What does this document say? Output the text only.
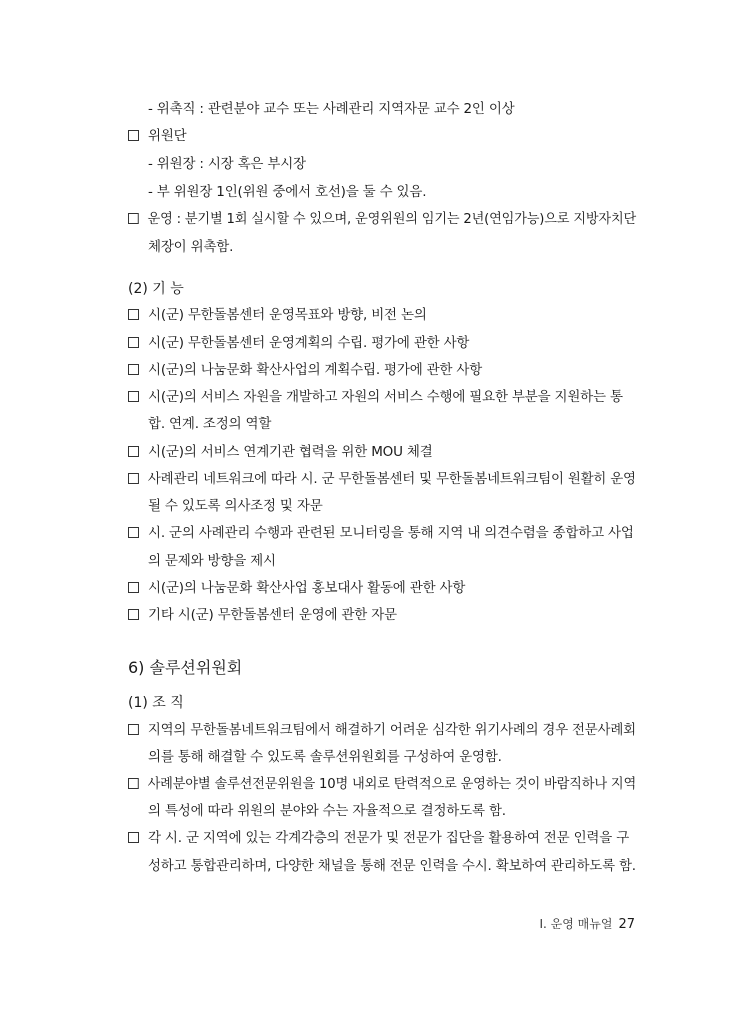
- 위촉직 : 관련분야 교수 또는 사례관리 지역자문 교수 2인 이상
위원단
- 위원장 : 시장 혹은 부시장
- 부 위원장 1인(위원 중에서 호선)을 둘 수 있음.
운영 : 분기별 1회 실시할 수 있으며, 운영위원의 임기는 2년(연임가능)으로 지방자치단
체장이 위촉함.
(2) 기 능
시(군) 무한돌봄센터 운영목표와 방향, 비전 논의
시(군) 무한돌봄센터 운영계획의 수립. 평가에 관한 사항
시(군)의 나눔문화 확산사업의 계획수립. 평가에 관한 사항
시(군)의 서비스 자원을 개발하고 자원의 서비스 수행에 필요한 부분을 지원하는 통
합. 연계. 조정의 역할
시(군)의 서비스 연계기관 협력을 위한 MOU 체결
사례관리 네트워크에 따라 시. 군 무한돌봄센터 및 무한돌봄네트워크팀이 원활히 운영
될 수 있도록 의사조정 및 자문
시. 군의 사례관리 수행과 관련된 모니터링을 통해 지역 내 의견수렴을 종합하고 사업
의 문제와 방향을 제시
시(군)의 나눔문화 확산사업 홍보대사 활동에 관한 사항
기타 시(군) 무한돌봄센터 운영에 관한 자문
6) 솔루션위원회
(1) 조 직
지역의 무한돌봄네트워크팀에서 해결하기 어려운 심각한 위기사례의 경우 전문사례회
의를 통해 해결할 수 있도록 솔루션위원회를 구성하여 운영함.
사례분야별 솔루션전문위원을 10명 내외로 탄력적으로 운영하는 것이 바람직하나 지역
의 특성에 따라 위원의 분야와 수는 자율적으로 결정하도록 함.
각 시. 군 지역에 있는 각계각층의 전문가 및 전문가 집단을 활용하여 전문 인력을 구
성하고 통합관리하며, 다양한 채널을 통해 전문 인력을 수시. 확보하여 관리하도록 함.
Ⅰ. 운영 매뉴얼 27
